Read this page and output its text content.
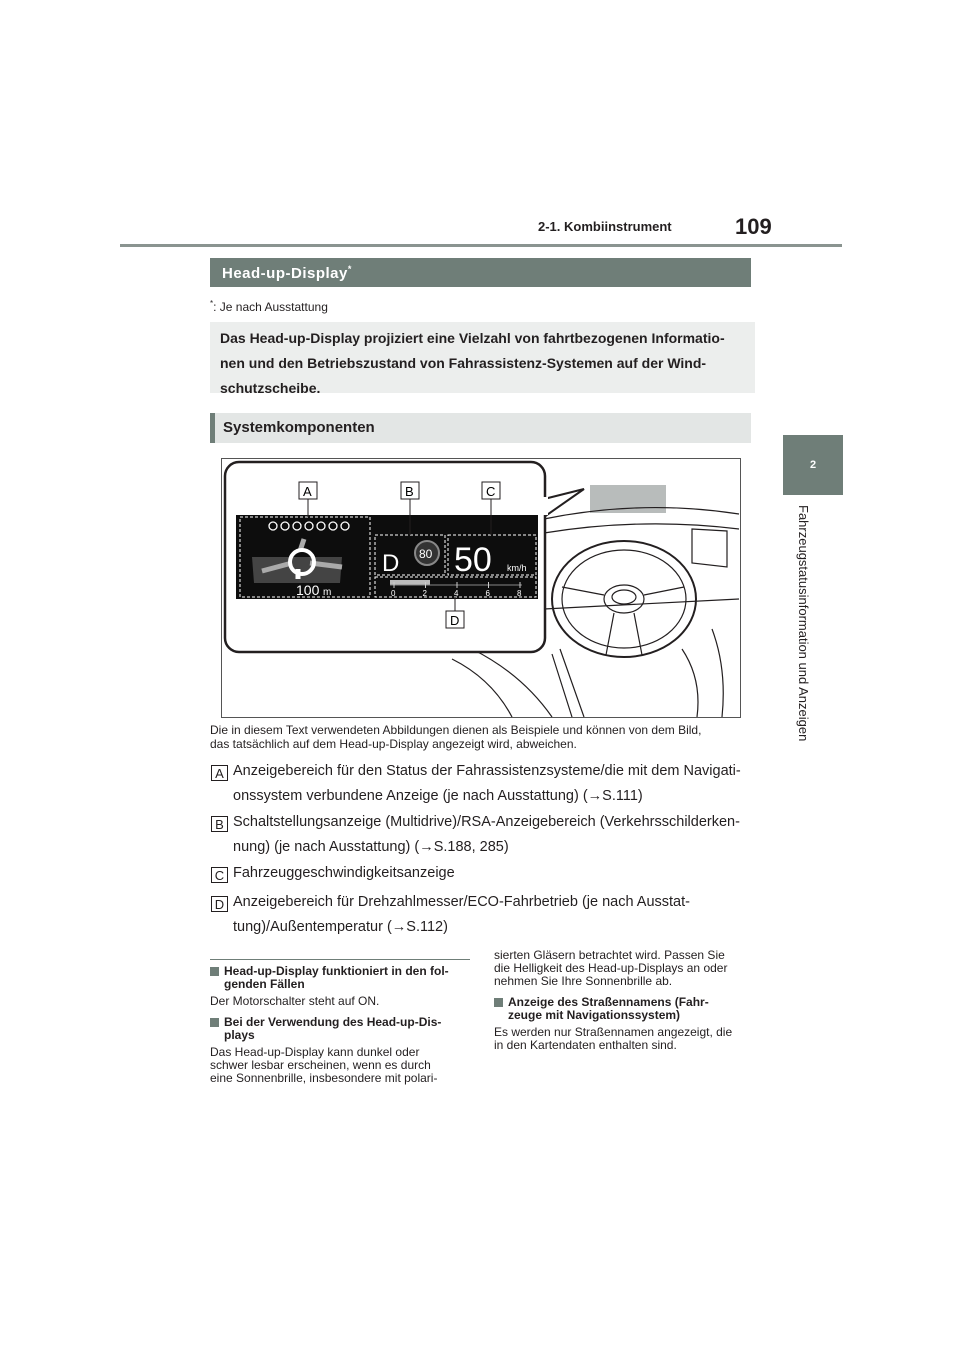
2-1. Kombiinstrument	109
2
Fahrzeugstatusinformation und Anzeigen
Head-up-Display*
*: Je nach Ausstattung

Das Head-up-Display projiziert eine Vielzahl von fahrtbezogenen Informatio-
nen und den Betriebszustand von Fahrassistenz-Systemen auf der Wind-
schutzscheibe.

Systemkomponenten
100 m
D 80 50 km/h
0	2	4	6	8
A	B	C
D
Die in diesem Text verwendeten Abbildungen dienen als Beispiele und können von dem Bild,
das tatsächlich auf dem Head-up-Display angezeigt wird, abweichen.
A Anzeigebereich für den Status der Fahrassistenzsysteme/die mit dem Navigati-
onssystem verbundene Anzeige (je nach Ausstattung) (→S.111)
B Schaltstellungsanzeige (Multidrive)/RSA-Anzeigebereich (Verkehrsschilderken-
nung) (je nach Ausstattung) (→S.188, 285)
C Fahrzeuggeschwindigkeitsanzeige
D Anzeigebereich für Drehzahlmesser/ECO-Fahrbetrieb (je nach Ausstat-
tung)/Außentemperatur (→S.112)
Head-up-Display funktioniert in den fol-
genden Fällen

Der Motorschalter steht auf ON.

Bei der Verwendung des Head-up-Dis-
plays

Das Head-up-Display kann dunkel oder
schwer lesbar erscheinen, wenn es durch
eine Sonnenbrille, insbesondere mit polari-

sierten Gläsern betrachtet wird. Passen Sie
die Helligkeit des Head-up-Displays an oder
nehmen Sie Ihre Sonnenbrille ab.

Anzeige des Straßennamens (Fahr-
zeuge mit Navigationssystem)

Es werden nur Straßennamen angezeigt, die
in den Kartendaten enthalten sind.
